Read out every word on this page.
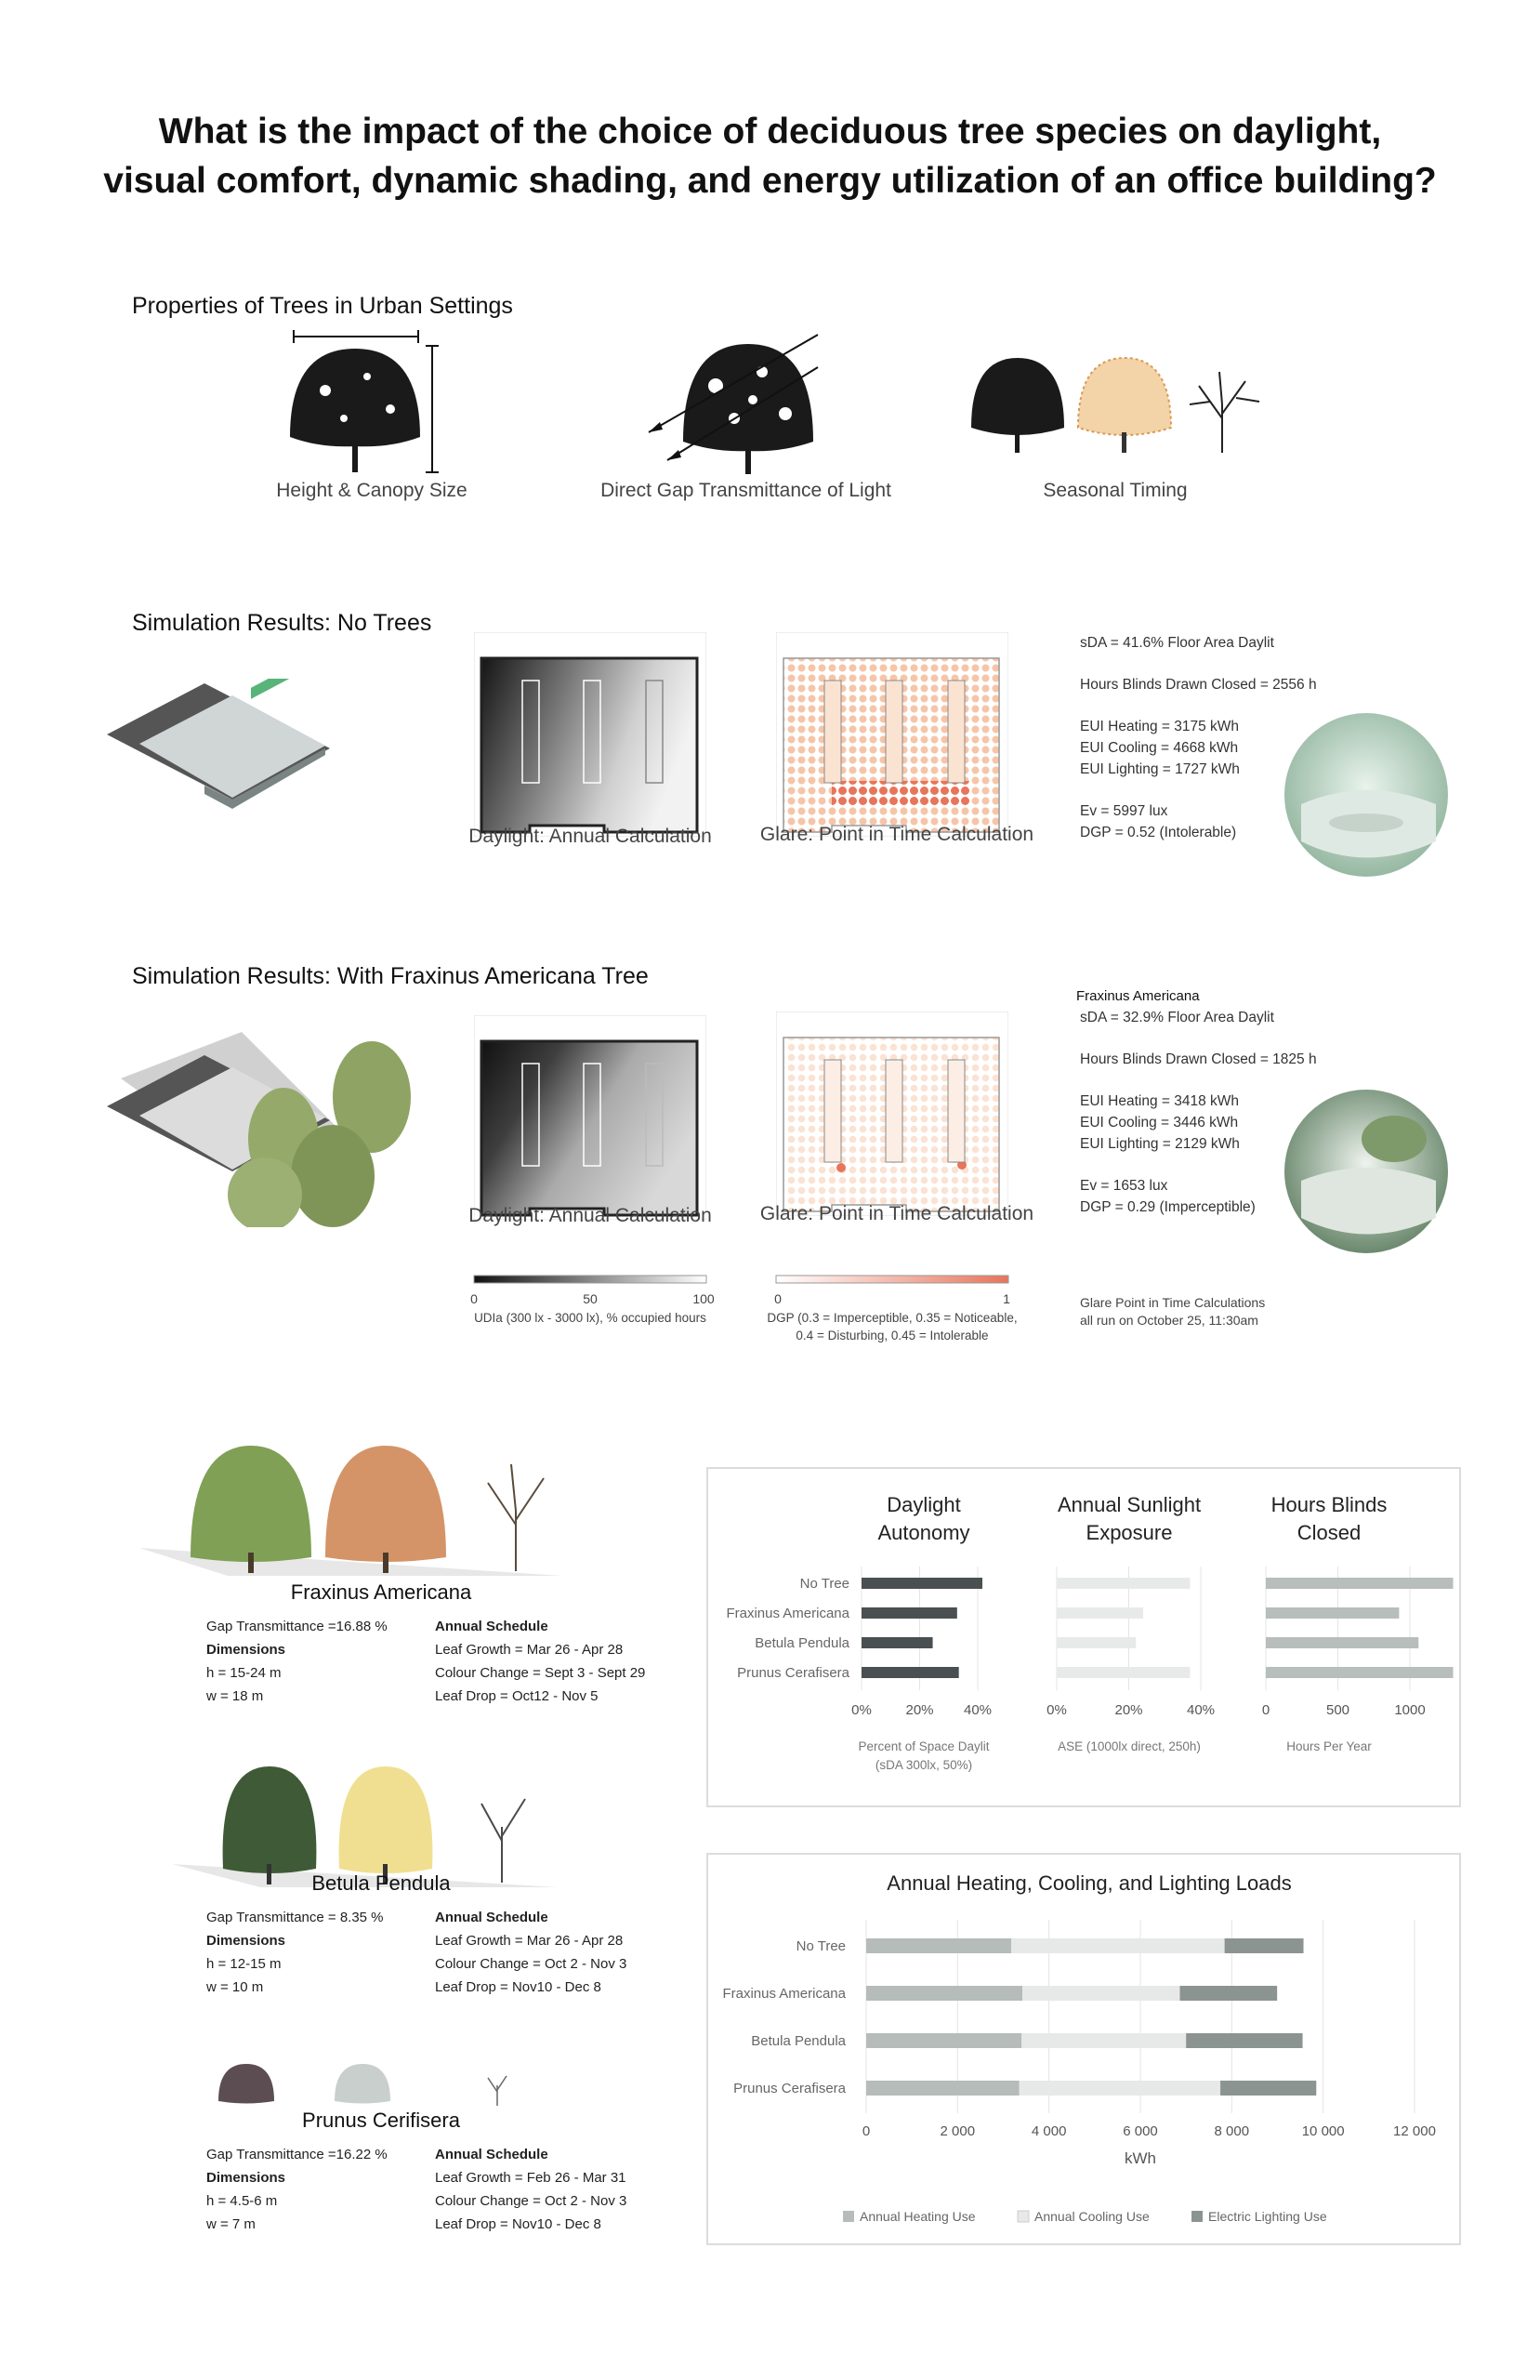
What is the impact of the choice of deciduous tree species on daylight,
visual comfort, dynamic shading, and energy utilization of an office building?
Properties of Trees in Urban Settings
Height & Canopy Size	Direct Gap Transmittance of Light	Seasonal Timing
Simulation Results: No Trees
Daylight: Annual Calculation	Glare: Point in Time Calculation
sDA = 41.6% Floor Area Daylit
Hours Blinds Drawn Closed = 2556 h
EUI Heating = 3175 kWh
EUI Cooling = 4668 kWh
EUI Lighting = 1727 kWh
Ev = 5997 lux
DGP = 0.52 (Intolerable)
Simulation Results: With Fraxinus Americana Tree
Daylight: Annual Calculation	Glare: Point in Time Calculation
Fraxinus Americana
sDA = 32.9% Floor Area Daylit
Hours Blinds Drawn Closed = 1825 h
EUI Heating = 3418 kWh
EUI Cooling = 3446 kWh
EUI Lighting = 2129 kWh
Ev = 1653 lux
DGP = 0.29 (Imperceptible)
0	50	100
UDIa (300 lx - 3000 lx), % occupied hours
0	1
DGP (0.3 = Imperceptible, 0.35 = Noticeable,
0.4 = Disturbing, 0.45 = Intolerable
Glare Point in Time Calculations
all run on October 25, 11:30am
Fraxinus Americana
Gap Transmittance =16.88 %
Dimensions
h = 15-24 m
w = 18 m
Annual Schedule
Leaf Growth = Mar 26 - Apr 28
Colour Change = Sept 3 - Sept 29
Leaf Drop = Oct12 - Nov 5
Betula Pendula
Gap Transmittance = 8.35 %
Dimensions
h = 12-15 m
w = 10 m
Annual Schedule
Leaf Growth = Mar 26 - Apr 28
Colour Change = Oct 2 - Nov 3
Leaf Drop = Nov10 - Dec 8
Prunus Cerifisera
Gap Transmittance =16.22 %
Dimensions
h = 4.5-6 m
w = 7 m
Annual Schedule
Leaf Growth = Feb 26 - Mar 31
Colour Change = Oct 2 - Nov 3
Leaf Drop = Nov10 - Dec 8
No Tree
Fraxinus Americana
Betula Pendula
Prunus Cerafisera
Daylight
Autonomy
0% 20% 40%
Percent of Space Daylit
(sDA 300lx, 50%)
Annual Sunlight
Exposure
0%	20%	40%
ASE (1000lx direct, 250h)
Hours Blinds
Closed
0	500	1000
Hours Per Year
Annual Heating, Cooling, and Lighting Loads
No Tree
Fraxinus Americana
Betula Pendula
Prunus Cerafisera
0	2 000	4 000	6 000	8 000	10 000	12 000
kWh
Annual Heating Use	Annual Cooling Use	Electric Lighting Use
